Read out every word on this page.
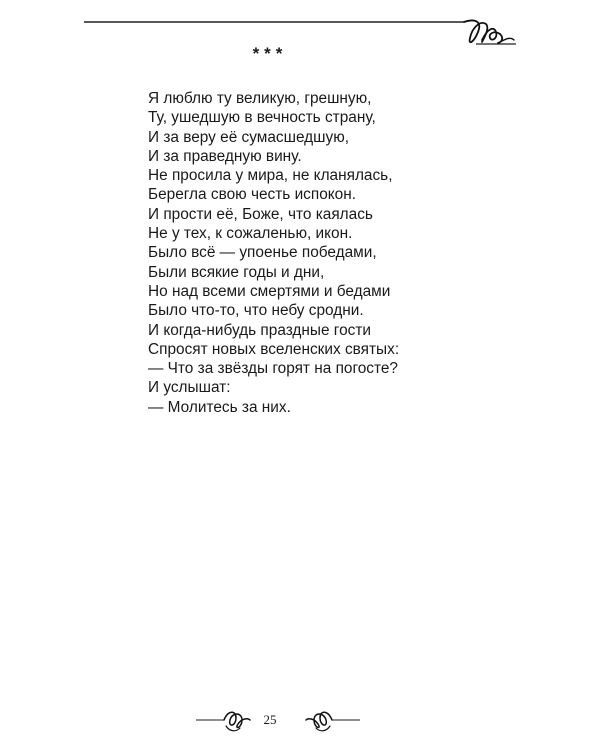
***
Я люблю ту великую, грешную,
Ту, ушедшую в вечность страну,
И за веру её сумасшедшую,
И за праведную вину.
Не просила у мира, не кланялась,
Берегла свою честь испокон.
И прости её, Боже, что каялась
Не у тех, к сожаленью, икон.
Было всё — упоенье победами,
Были всякие годы и дни,
Но над всеми смертями и бедами
Было что-то, что небу сродни.
И когда-нибудь праздные гости
Спросят новых вселенских святых:
— Что за звёзды горят на погосте?
И услышат:
— Молитесь за них.
25
